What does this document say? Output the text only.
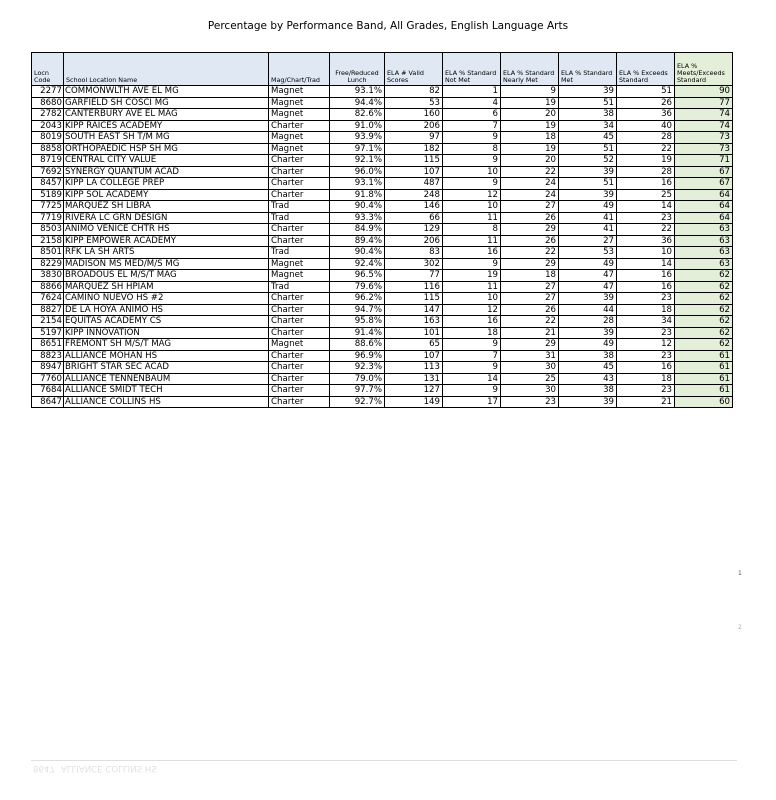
Percentage by Performance Band, All Grades, English Language Arts
Locn Code	School Location Name	Mag/Chart/Trad	Free/Reduced Lunch	ELA # Valid Scores	ELA % Standard Not Met	ELA % Standard Nearly Met	ELA % Standard Met	ELA % Exceeds Standard	ELA % Meets/Exceeds Standard
2277	COMMONWLTH AVE EL MG	Magnet	93.1%	82	1	9	39	51	90
8680	GARFIELD SH COSCI MG	Magnet	94.4%	53	4	19	51	26	77
2782	CANTERBURY AVE EL MAG	Magnet	82.6%	160	6	20	38	36	74
2043	KIPP RAICES ACADEMY	Charter	91.0%	206	7	19	34	40	74
8019	SOUTH EAST SH T/M MG	Magnet	93.9%	97	9	18	45	28	73
8858	ORTHOPAEDIC HSP SH MG	Magnet	97.1%	182	8	19	51	22	73
8719	CENTRAL CITY VALUE	Charter	92.1%	115	9	20	52	19	71
7692	SYNERGY QUANTUM ACAD	Charter	96.0%	107	10	22	39	28	67
8457	KIPP LA COLLEGE PREP	Charter	93.1%	487	9	24	51	16	67
5189	KIPP SOL ACADEMY	Charter	91.8%	248	12	24	39	25	64
7725	MARQUEZ SH LIBRA	Trad	90.4%	146	10	27	49	14	64
7719	RIVERA LC GRN DESIGN	Trad	93.3%	66	11	26	41	23	64
8503	ANIMO VENICE CHTR HS	Charter	84.9%	129	8	29	41	22	63
2158	KIPP EMPOWER ACADEMY	Charter	89.4%	206	11	26	27	36	63
8501	RFK LA SH ARTS	Trad	90.4%	83	16	22	53	10	63
8229	MADISON MS MED/M/S MG	Magnet	92.4%	302	9	29	49	14	63
3830	BROADOUS EL M/S/T MAG	Magnet	96.5%	77	19	18	47	16	62
8866	MARQUEZ SH HPIAM	Trad	79.6%	116	11	27	47	16	62
7624	CAMINO NUEVO HS #2	Charter	96.2%	115	10	27	39	23	62
8827	DE LA HOYA ANIMO HS	Charter	94.7%	147	12	26	44	18	62
2154	EQUITAS ACADEMY CS	Charter	95.8%	163	16	22	28	34	62
5197	KIPP INNOVATION	Charter	91.4%	101	18	21	39	23	62
8651	FREMONT SH M/S/T MAG	Magnet	88.6%	65	9	29	49	12	62
8823	ALLIANCE MOHAN HS	Charter	96.9%	107	7	31	38	23	61
8947	BRIGHT STAR SEC ACAD	Charter	92.3%	113	9	30	45	16	61
7760	ALLIANCE TENNENBAUM	Charter	79.0%	131	14	25	43	18	61
7684	ALLIANCE SMIDT TECH	Charter	97.7%	127	9	30	38	23	61
8647	ALLIANCE COLLINS HS	Charter	92.7%	149	17	23	39	21	60
1
2
8647 ALLIANCE COLLINS HS
